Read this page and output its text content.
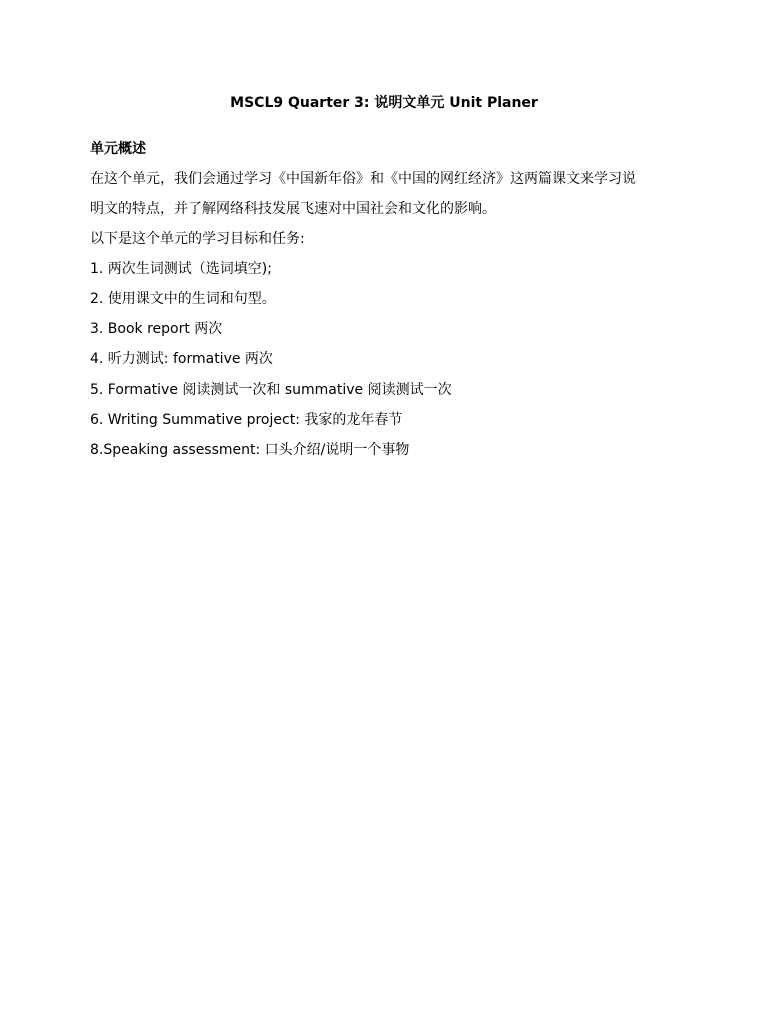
MSCL9 Quarter 3: 说明文单元 Unit Planer
单元概述
在这个单元，我们会通过学习《中国新年俗》和《中国的网红经济》这两篇课文来学习说
明文的特点，并了解网络科技发展飞速对中国社会和文化的影响。
以下是这个单元的学习目标和任务:
1. 两次生词测试（选词填空);
2. 使用课文中的生词和句型。
3. Book report 两次
4. 听力测试: formative 两次
5. Formative 阅读测试一次和 summative 阅读测试一次
6. Writing Summative project: 我家的龙年春节
8.Speaking assessment: 口头介绍/说明一个事物
